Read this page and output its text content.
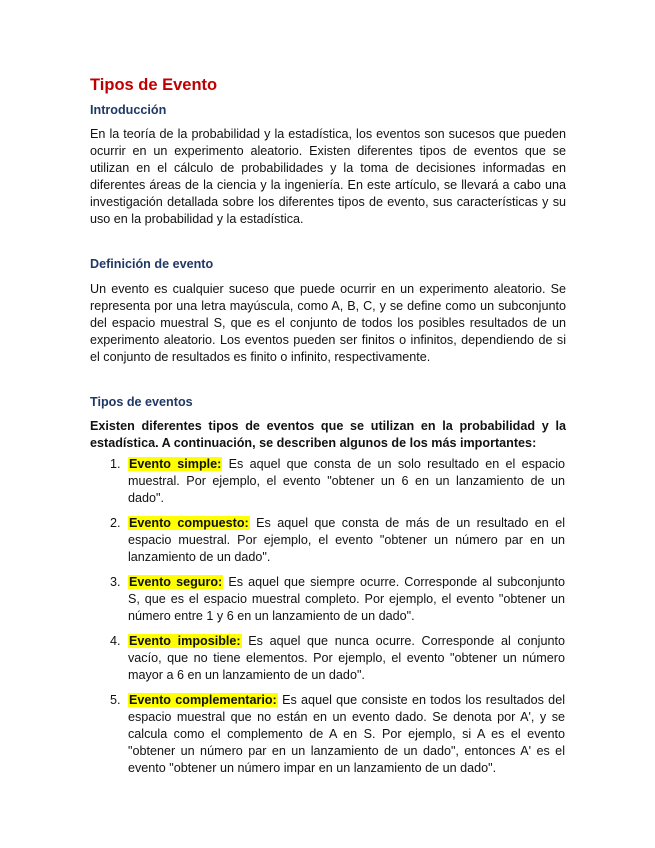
Tipos de Evento
Introducción

En la teoría de la probabilidad y la estadística, los eventos son sucesos que pueden ocurrir en un experimento aleatorio. Existen diferentes tipos de eventos que se utilizan en el cálculo de probabilidades y la toma de decisiones informadas en diferentes áreas de la ciencia y la ingeniería. En este artículo, se llevará a cabo una investigación detallada sobre los diferentes tipos de evento, sus características y su uso en la probabilidad y la estadística.

Definición de evento

Un evento es cualquier suceso que puede ocurrir en un experimento aleatorio. Se representa por una letra mayúscula, como A, B, C, y se define como un subconjunto del espacio muestral S, que es el conjunto de todos los posibles resultados de un experimento aleatorio. Los eventos pueden ser finitos o infinitos, dependiendo de si el conjunto de resultados es finito o infinito, respectivamente.

Tipos de eventos

Existen diferentes tipos de eventos que se utilizan en la probabilidad y la estadística. A continuación, se describen algunos de los más importantes:

1. Evento simple: Es aquel que consta de un solo resultado en el espacio muestral. Por ejemplo, el evento "obtener un 6 en un lanzamiento de un dado".
2. Evento compuesto: Es aquel que consta de más de un resultado en el espacio muestral. Por ejemplo, el evento "obtener un número par en un lanzamiento de un dado".
3. Evento seguro: Es aquel que siempre ocurre. Corresponde al subconjunto S, que es el espacio muestral completo. Por ejemplo, el evento "obtener un número entre 1 y 6 en un lanzamiento de un dado".
4. Evento imposible: Es aquel que nunca ocurre. Corresponde al conjunto vacío, que no tiene elementos. Por ejemplo, el evento "obtener un número mayor a 6 en un lanzamiento de un dado".
5. Evento complementario: Es aquel que consiste en todos los resultados del espacio muestral que no están en un evento dado. Se denota por A', y se calcula como el complemento de A en S. Por ejemplo, si A es el evento "obtener un número par en un lanzamiento de un dado", entonces A' es el evento "obtener un número impar en un lanzamiento de un dado".
